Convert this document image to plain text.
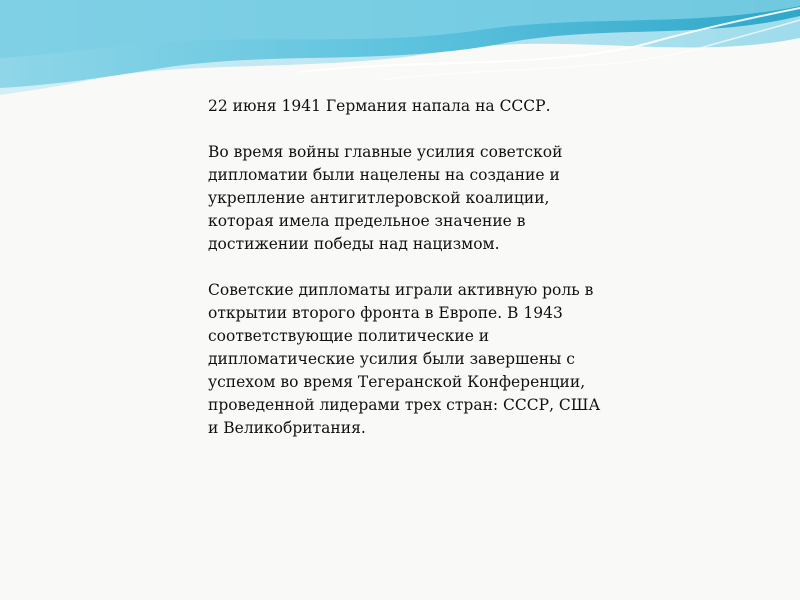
22 июня 1941 Германия напала на СССР.

Во время войны главные усилия советской дипломатии были нацелены на создание и укрепление антигитлеровской коалиции, которая имела предельное значение в достижении победы над нацизмом.

Советские дипломаты играли активную роль в открытии второго фронта в Европе. В 1943 соответствующие политические и дипломатические усилия были завершены с успехом во время Тегеранской Конференции, проведенной лидерами трех стран: СССР, США и Великобритания.
